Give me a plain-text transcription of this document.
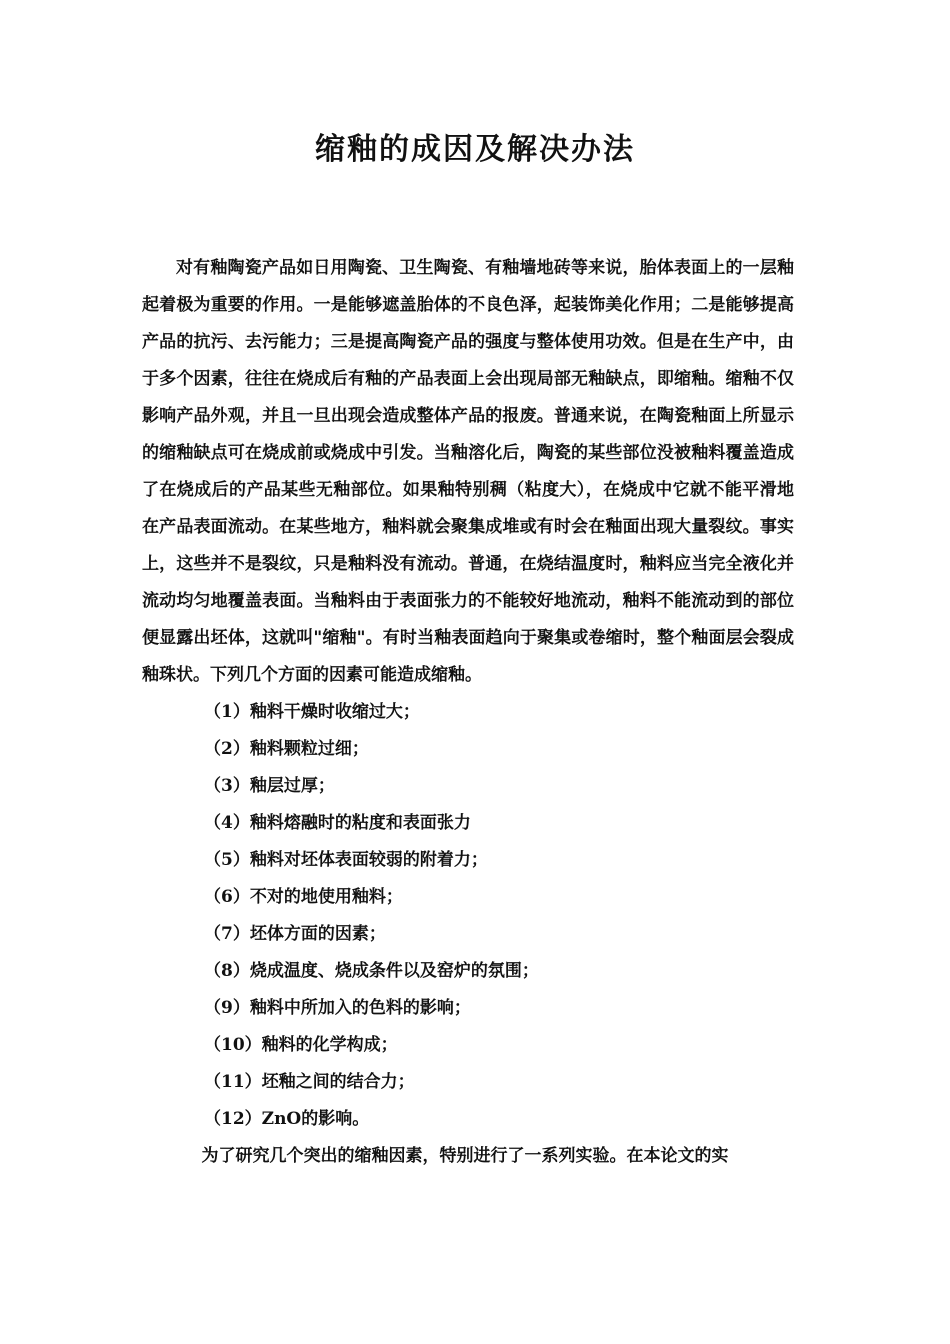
缩釉的成因及解决办法

对有釉陶瓷产品如日用陶瓷、卫生陶瓷、有釉墙地砖等来说，胎体表面上的一层釉起着极为重要的作用。一是能够遮盖胎体的不良色泽，起装饰美化作用；二是能够提高产品的抗污、去污能力；三是提高陶瓷产品的强度与整体使用功效。但是在生产中，由于多个因素，往往在烧成后有釉的产品表面上会出现局部无釉缺点，即缩釉。缩釉不仅影响产品外观，并且一旦出现会造成整体产品的报废。普通来说，在陶瓷釉面上所显示的缩釉缺点可在烧成前或烧成中引发。当釉溶化后，陶瓷的某些部位没被釉料覆盖造成了在烧成后的产品某些无釉部位。如果釉特别稠（粘度大），在烧成中它就不能平滑地在产品表面流动。在某些地方，釉料就会聚集成堆或有时会在釉面出现大量裂纹。事实上，这些并不是裂纹，只是釉料没有流动。普通，在烧结温度时，釉料应当完全液化并流动均匀地覆盖表面。当釉料由于表面张力的不能较好地流动，釉料不能流动到的部位便显露出坯体，这就叫"缩釉"。有时当釉表面趋向于聚集或卷缩时，整个釉面层会裂成釉珠状。下列几个方面的因素可能造成缩釉。

（1）釉料干燥时收缩过大；
（2）釉料颗粒过细；
（3）釉层过厚；
（4）釉料熔融时的粘度和表面张力
（5）釉料对坯体表面较弱的附着力；
（6）不对的地使用釉料；
（7）坯体方面的因素；
（8）烧成温度、烧成条件以及窑炉的氛围；
（9）釉料中所加入的色料的影响；
（10）釉料的化学构成；
（11）坯釉之间的结合力；
（12）ZnO的影响。

为了研究几个突出的缩釉因素，特别进行了一系列实验。在本论文的实
